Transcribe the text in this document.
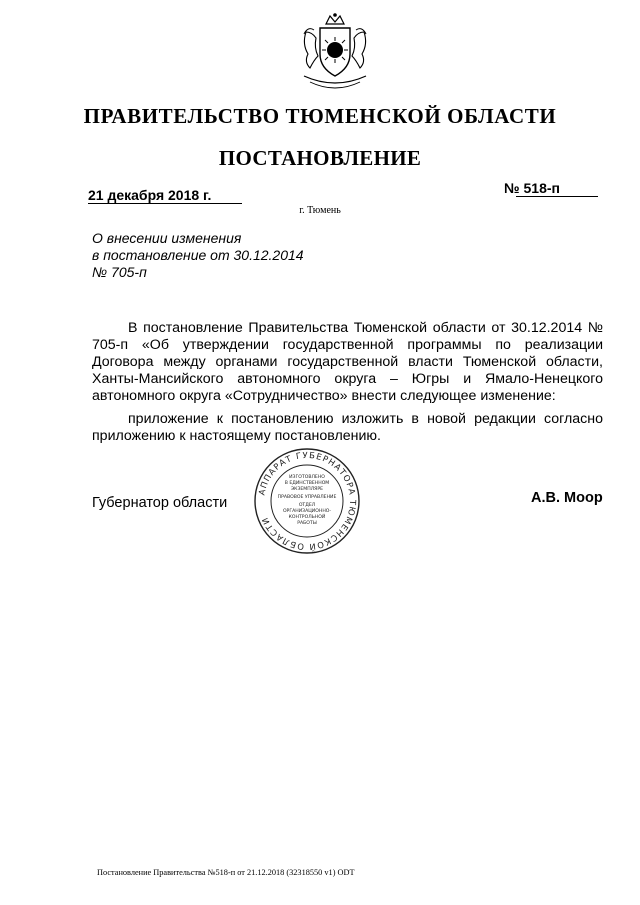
ПРАВИТЕЛЬСТВО ТЮМЕНСКОЙ ОБЛАСТИ
ПОСТАНОВЛЕНИЕ
21 декабря 2018 г.	№ 518-п
г. Тюмень
О внесении изменения
в постановление от 30.12.2014
№ 705-п

В постановление Правительства Тюменской области от 30.12.2014 № 705-п «Об утверждении государственной программы по реализации Договора между органами государственной власти Тюменской области, Ханты-Мансийского автономного округа – Югры и Ямало-Ненецкого автономного округа «Сотрудничество» внести следующее изменение:

приложение к постановлению изложить в новой редакции согласно приложению к настоящему постановлению.

Губернатор области	А.В. Моор
АППАРАТ ГУБЕРНАТОРА ТЮМЕНСКОЙ ОБЛАСТИ
ИЗГОТОВЛЕНО
В ЕДИНСТВЕННОМ
ЭКЗЕМПЛЯРЕ
ПРАВОВОЕ УПРАВЛЕНИЕ
ОТДЕЛ
ОРГАНИЗАЦИОННО-
КОНТРОЛЬНОЙ
РАБОТЫ
Постановление Правительства №518-п от 21.12.2018 (32318550 v1) ODT
